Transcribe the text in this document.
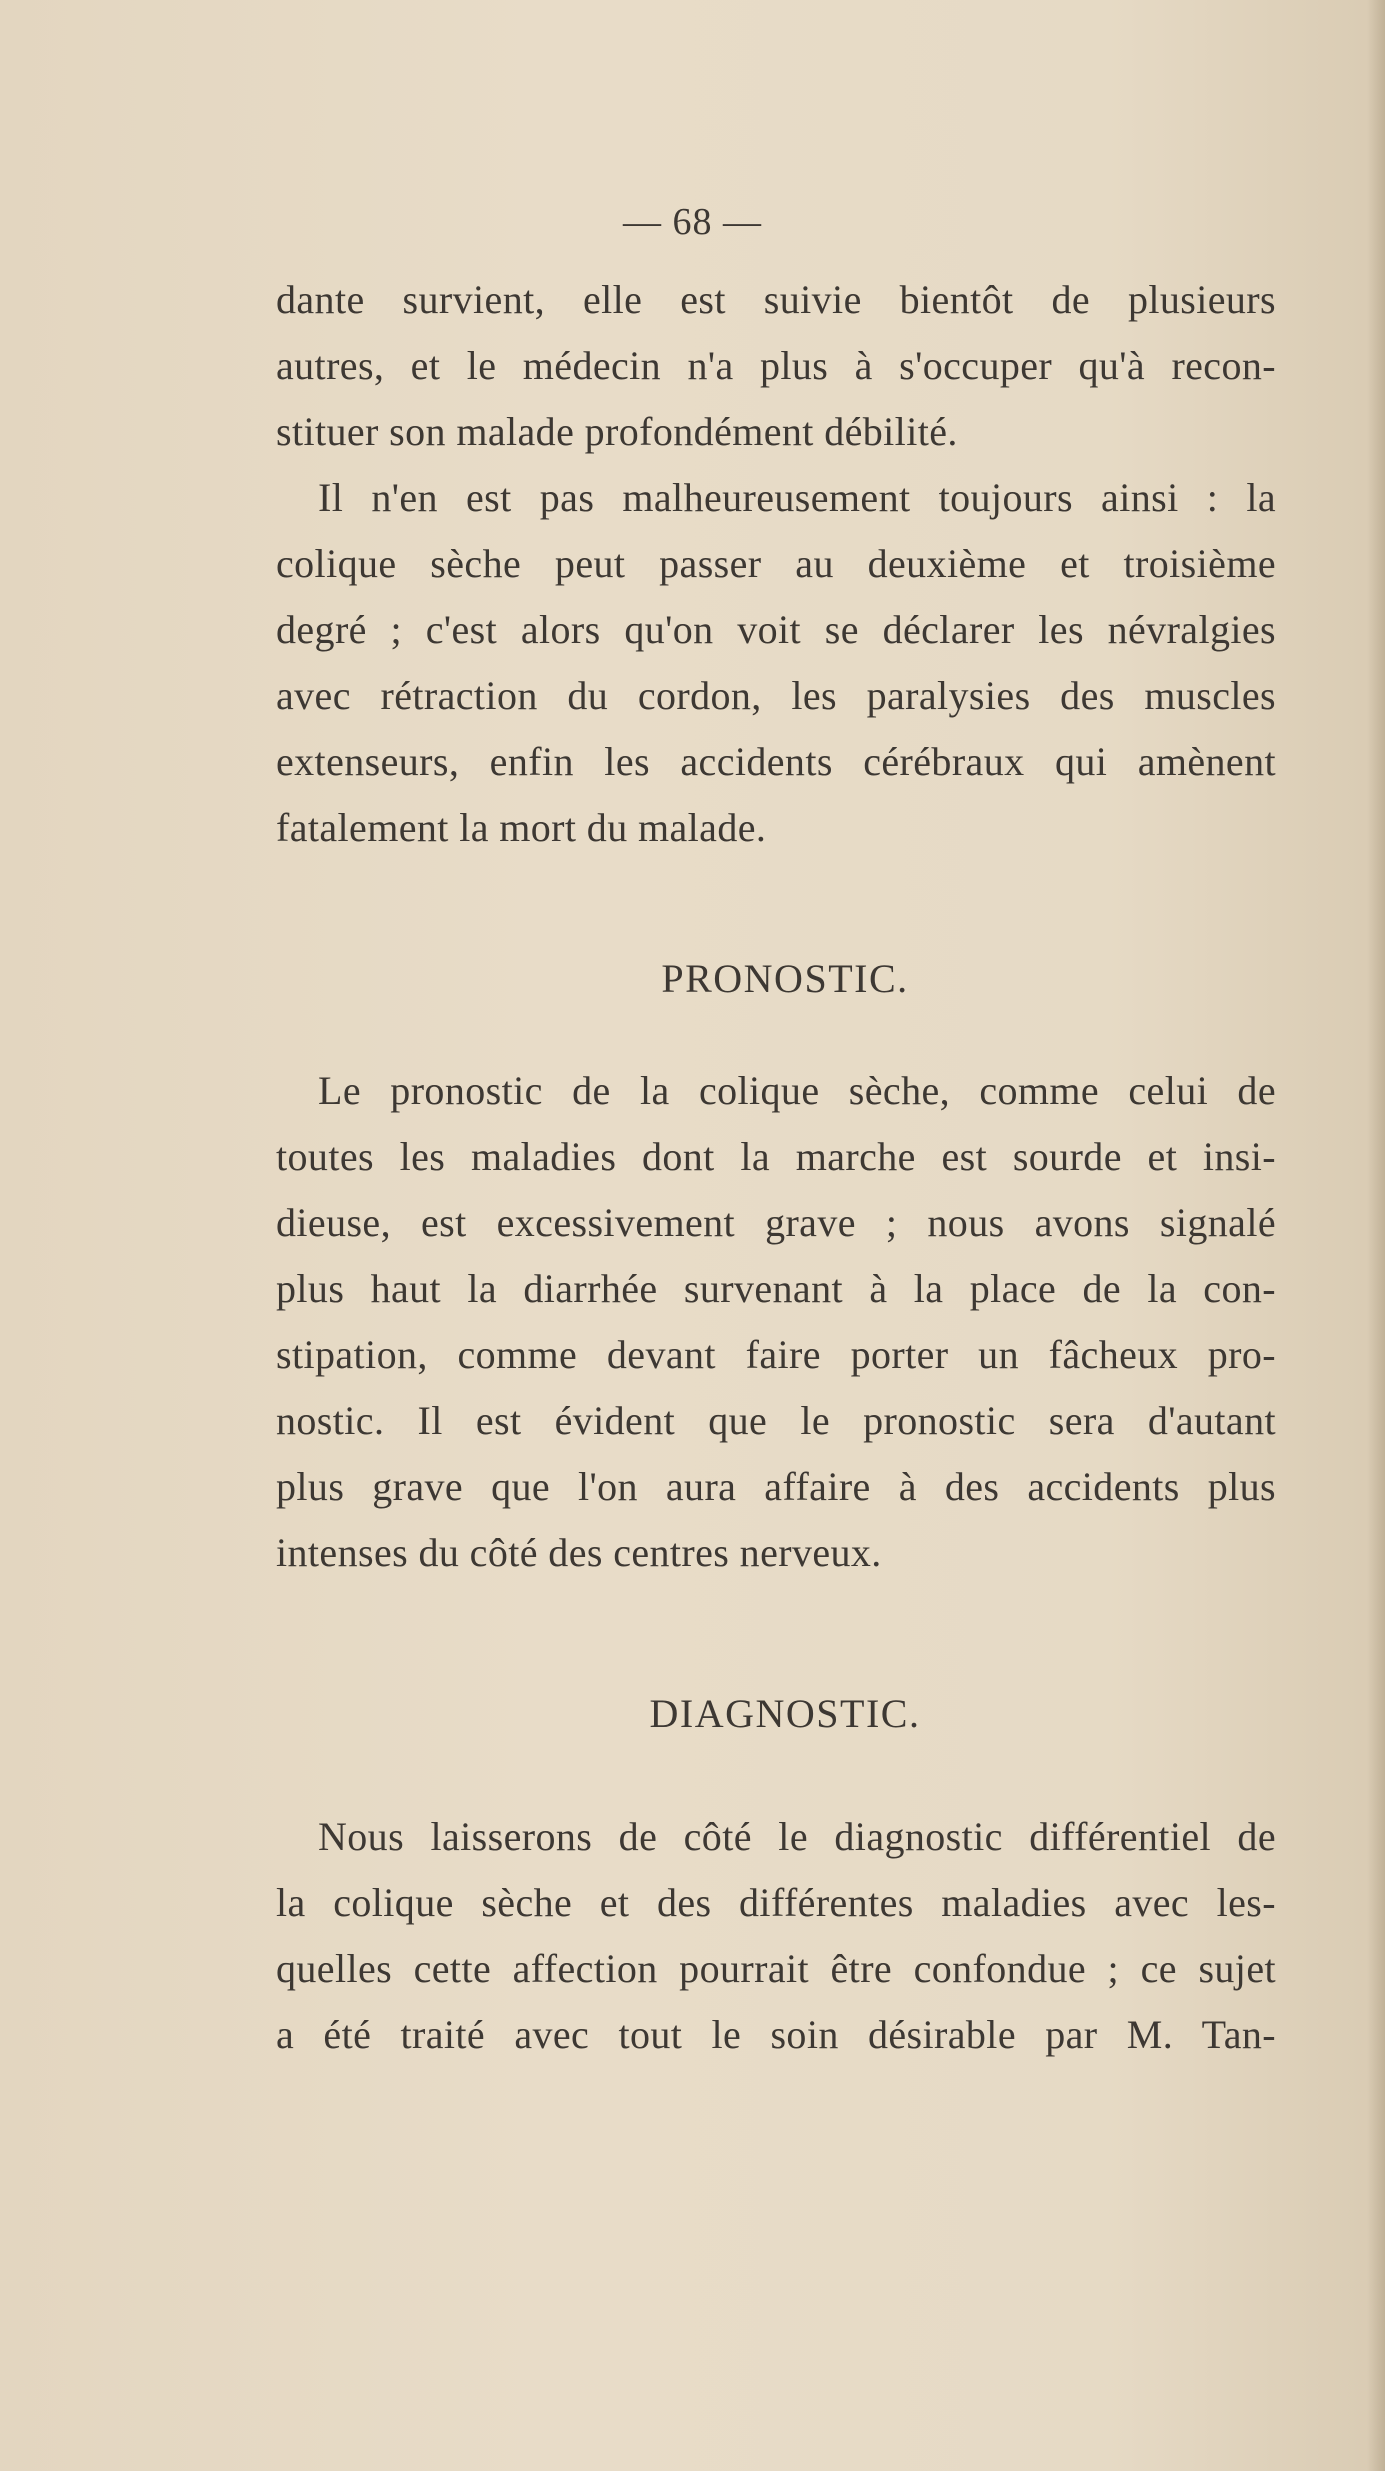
— 68 —
dante survient, elle est suivie bientôt de plusieurs
autres, et le médecin n'a plus à s'occuper qu'à recon-
stituer son malade profondément débilité.
Il n'en est pas malheureusement toujours ainsi : la
colique sèche peut passer au deuxième et troisième
degré ; c'est alors qu'on voit se déclarer les névralgies
avec rétraction du cordon, les paralysies des muscles
extenseurs, enfin les accidents cérébraux qui amènent
fatalement la mort du malade.
PRONOSTIC.
Le pronostic de la colique sèche, comme celui de
toutes les maladies dont la marche est sourde et insi-
dieuse, est excessivement grave ; nous avons signalé
plus haut la diarrhée survenant à la place de la con-
stipation, comme devant faire porter un fâcheux pro-
nostic. Il est évident que le pronostic sera d'autant
plus grave que l'on aura affaire à des accidents plus
intenses du côté des centres nerveux.
DIAGNOSTIC.
Nous laisserons de côté le diagnostic différentiel de
la colique sèche et des différentes maladies avec les-
quelles cette affection pourrait être confondue ; ce sujet
a été traité avec tout le soin désirable par M. Tan-
